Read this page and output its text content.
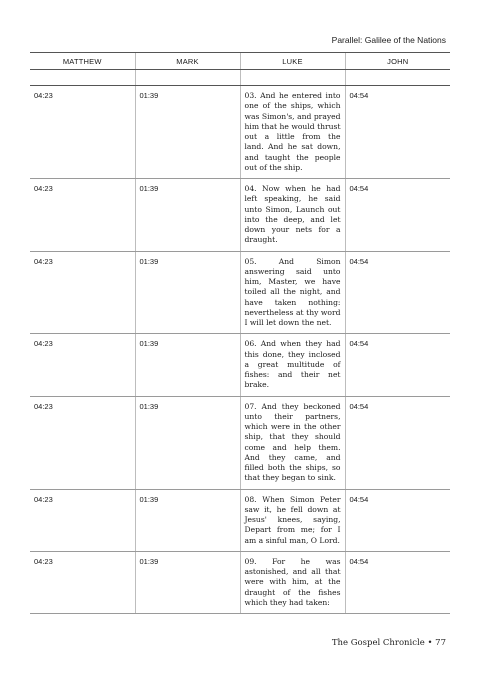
Parallel: Galilee of the Nations
MATTHEW	MARK	LUKE	JOHN

04:23	01:39	03. And he entered into one of the ships, which was Simon's, and prayed him that he would thrust out a little from the land. And he sat down, and taught the people out of the ship.	04:54
04:23	01:39	04. Now when he had left speaking, he said unto Simon, Launch out into the deep, and let down your nets for a draught.	04:54
04:23	01:39	05. And Simon answering said unto him, Master, we have toiled all the night, and have taken nothing: nevertheless at thy word I will let down the net.	04:54
04:23	01:39	06. And when they had this done, they inclosed a great multitude of fishes: and their net brake.	04:54
04:23	01:39	07. And they beckoned unto their partners, which were in the other ship, that they should come and help them. And they came, and filled both the ships, so that they began to sink.	04:54
04:23	01:39	08. When Simon Peter saw it, he fell down at Jesus' knees, saying, Depart from me; for I am a sinful man, O Lord.	04:54
04:23	01:39	09. For he was astonished, and all that were with him, at the draught of the fishes which they had taken:	04:54
The Gospel Chronicle • 77
